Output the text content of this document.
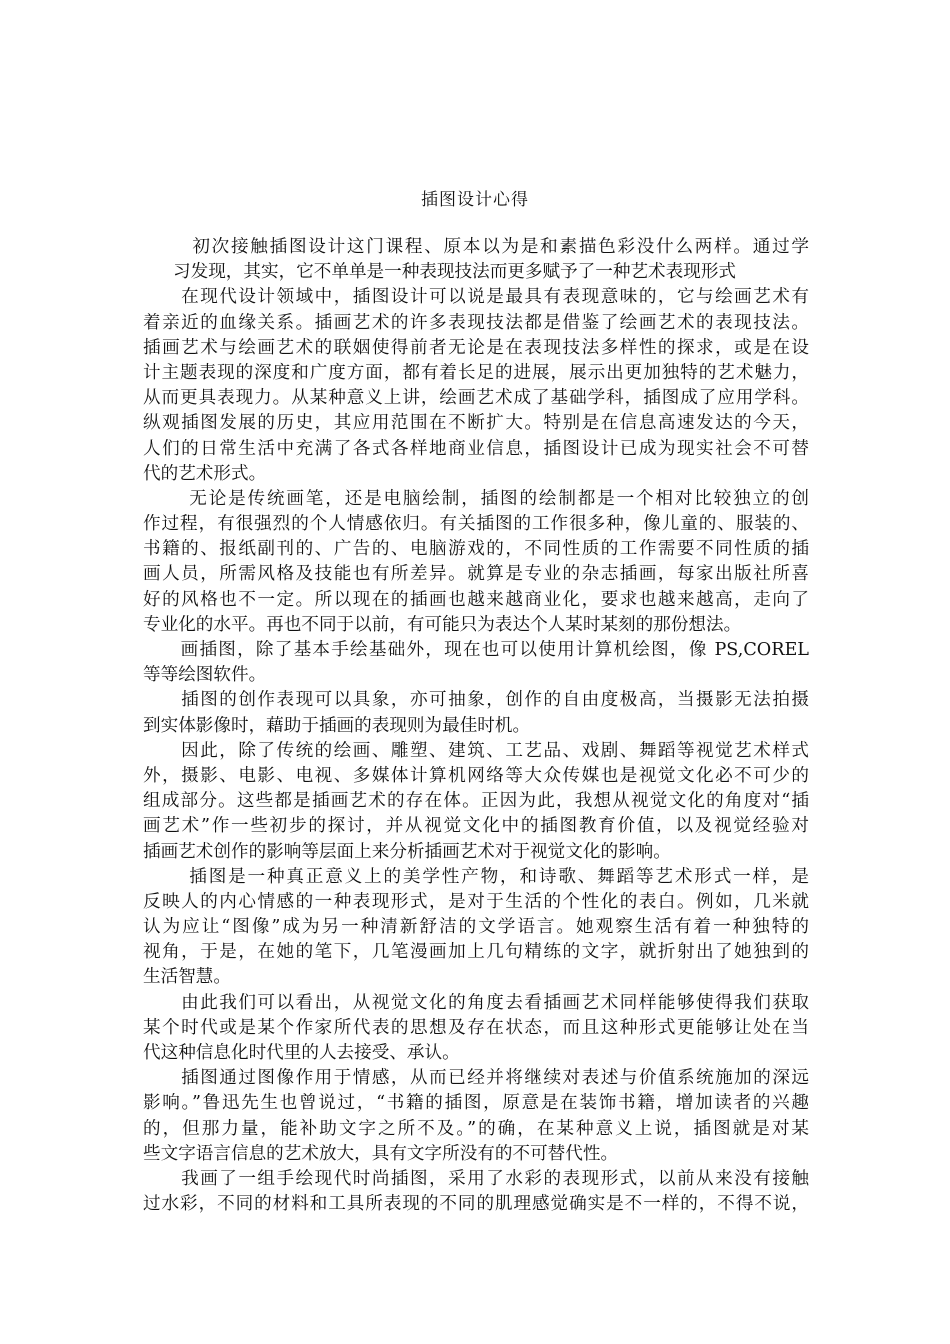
插图设计心得
　初次接触插图设计这门课程、原本以为是和素描色彩没什么两样。通过学
习发现，其实，它不单单是一种表现技法而更多赋予了一种艺术表现形式
　　在现代设计领域中，插图设计可以说是最具有表现意味的，它与绘画艺术有
着亲近的血缘关系。插画艺术的许多表现技法都是借鉴了绘画艺术的表现技法。
插画艺术与绘画艺术的联姻使得前者无论是在表现技法多样性的探求，或是在设
计主题表现的深度和广度方面，都有着长足的进展，展示出更加独特的艺术魅力，
从而更具表现力。从某种意义上讲，绘画艺术成了基础学科，插图成了应用学科。
纵观插图发展的历史，其应用范围在不断扩大。特别是在信息高速发达的今天，
人们的日常生活中充满了各式各样地商业信息，插图设计已成为现实社会不可替
代的艺术形式。
　　 无论是传统画笔，还是电脑绘制，插图的绘制都是一个相对比较独立的创
作过程，有很强烈的个人情感依归。有关插图的工作很多种，像儿童的、服装的、
书籍的、报纸副刊的、广告的、电脑游戏的，不同性质的工作需要不同性质的插
画人员，所需风格及技能也有所差异。就算是专业的杂志插画，每家出版社所喜
好的风格也不一定。所以现在的插画也越来越商业化，要求也越来越高，走向了
专业化的水平。再也不同于以前，有可能只为表达个人某时某刻的那份想法。
　　画插图，除了基本手绘基础外，现在也可以使用计算机绘图，像 PS,COREL
等等绘图软件。
　　插图的创作表现可以具象，亦可抽象，创作的自由度极高，当摄影无法拍摄
到实体影像时，藉助于插画的表现则为最佳时机。
　　因此，除了传统的绘画、雕塑、建筑、工艺品、戏剧、舞蹈等视觉艺术样式
外，摄影、电影、电视、多媒体计算机网络等大众传媒也是视觉文化必不可少的
组成部分。这些都是插画艺术的存在体。正因为此，我想从视觉文化的角度对“插
画艺术”作一些初步的探讨，并从视觉文化中的插图教育价值，以及视觉经验对
插画艺术创作的影响等层面上来分析插画艺术对于视觉文化的影响。
　　 插图是一种真正意义上的美学性产物，和诗歌、舞蹈等艺术形式一样，是
反映人的内心情感的一种表现形式，是对于生活的个性化的表白。例如，几米就
认为应让“图像”成为另一种清新舒洁的文学语言。她观察生活有着一种独特的
视角，于是，在她的笔下，几笔漫画加上几句精练的文字，就折射出了她独到的
生活智慧。
　　由此我们可以看出，从视觉文化的角度去看插画艺术同样能够使得我们获取
某个时代或是某个作家所代表的思想及存在状态，而且这种形式更能够让处在当
代这种信息化时代里的人去接受、承认。
　　插图通过图像作用于情感，从而已经并将继续对表述与价值系统施加的深远
影响。”鲁迅先生也曾说过，“书籍的插图，原意是在装饰书籍，增加读者的兴趣
的，但那力量，能补助文字之所不及。”的确，在某种意义上说，插图就是对某
些文字语言信息的艺术放大，具有文字所没有的不可替代性。
　　我画了一组手绘现代时尚插图，采用了水彩的表现形式，以前从来没有接触
过水彩，不同的材料和工具所表现的不同的肌理感觉确实是不一样的，不得不说，
